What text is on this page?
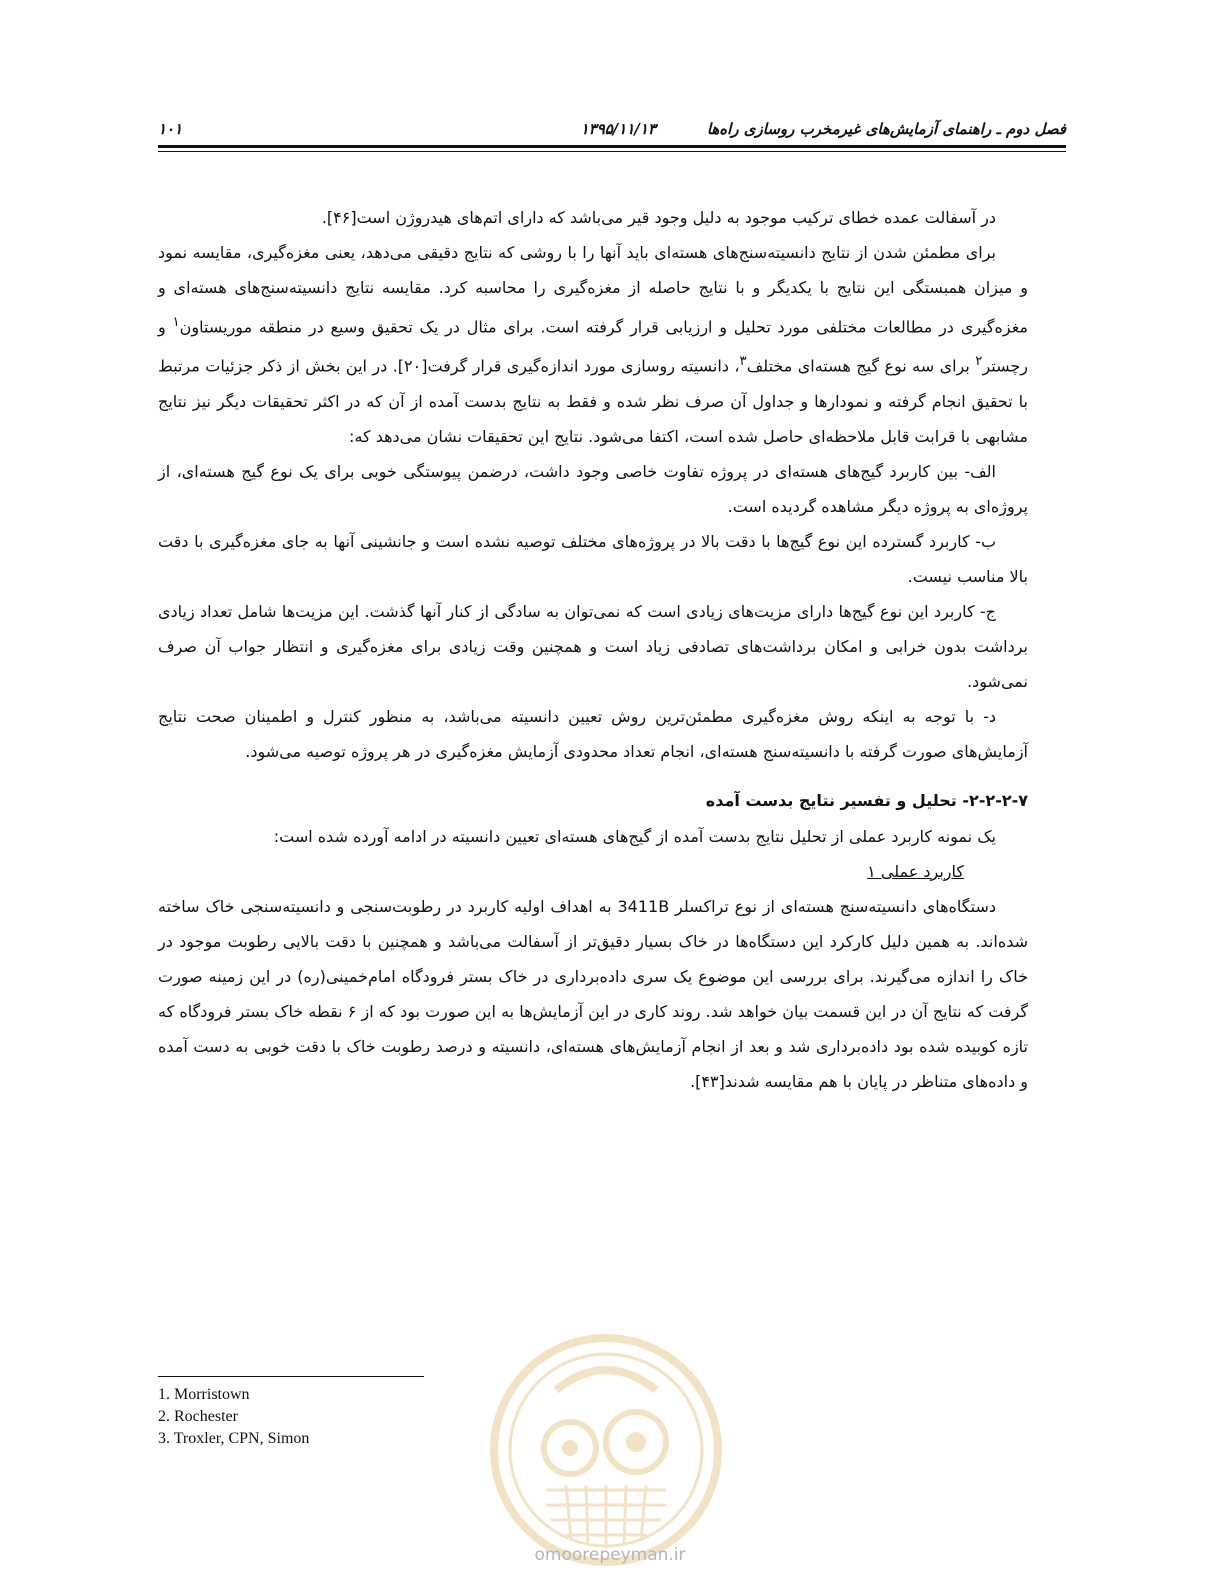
فصل دوم ـ راهنمای آزمایش‌های غیرمخرب روسازی راه‌ها
۱۳۹۵/۱۱/۱۳
۱۰۱

در آسفالت عمده خطای ترکیب موجود به دلیل وجود قیر می‌باشد که دارای اتم‌های هیدروژن است[۴۶].

برای مطمئن شدن از نتایج دانسیته‌سنج‌های هسته‌ای باید آنها را با روشی که نتایج دقیقی می‌دهد، یعنی مغزه‌گیری، مقایسه نمود و میزان همبستگی این نتایج با یکدیگر و با نتایج حاصله از مغزه‌گیری را محاسبه کرد. مقایسه نتایج دانسیته‌سنج‌های هسته‌ای و مغزه‌گیری در مطالعات مختلفی مورد تحلیل و ارزیابی قرار گرفته است. برای مثال در یک تحقیق وسیع در منطقه موریستاون$^۱$ و رچستر$^۲$ برای سه نوع گیج هسته‌ای مختلف$^۳$، دانسیته روسازی مورد اندازه‌گیری قرار گرفت[۲۰]. در این بخش از ذکر جزئیات مرتبط با تحقیق انجام گرفته و نمودارها و جداول آن صرف نظر شده و فقط به نتایج بدست آمده از آن که در اکثر تحقیقات دیگر نیز نتایج مشابهی با قرابت قابل ملاحظه‌ای حاصل شده است، اکتفا می‌شود. نتایج این تحقیقات نشان می‌دهد که:

الف- بین کاربرد گیج‌های هسته‌ای در پروژه تفاوت خاصی وجود داشت، درضمن پیوستگی خوبی برای یک نوع گیج هسته‌ای، از پروژه‌ای به پروژه دیگر مشاهده گردیده است.

ب- کاربرد گسترده این نوع گیج‌ها با دقت بالا در پروژه‌های مختلف توصیه نشده است و جانشینی آنها به جای مغزه‌گیری با دقت بالا مناسب نیست.

ج- کاربرد این نوع گیج‌ها دارای مزیت‌های زیادی است که نمی‌توان به سادگی از کنار آنها گذشت. این مزیت‌ها شامل تعداد زیادی برداشت بدون خرابی و امکان برداشت‌های تصادفی زیاد است و همچنین وقت زیادی برای مغزه‌گیری و انتظار جواب آن صرف نمی‌شود.

د- با توجه به اینکه روش مغزه‌گیری مطمئن‌ترین روش تعیین دانسیته می‌باشد، به منظور کنترل و اطمینان صحت نتایج آزمایش‌های صورت گرفته با دانسیته‌سنج هسته‌ای، انجام تعداد محدودی آزمایش مغزه‌گیری در هر پروژه توصیه می‌شود.

۲-۲-۲-۷- تحلیل و تفسیر نتایج بدست آمده

یک نمونه کاربرد عملی از تحلیل نتایج بدست آمده از گیج‌های هسته‌ای تعیین دانسیته در ادامه آورده شده است:

کاربرد عملی ۱

دستگاه‌های دانسیته‌سنج هسته‌ای از نوع تراکسلر 3411B به اهداف اولیه کاربرد در رطوبت‌سنجی و دانسیته‌سنجی خاک ساخته شده‌اند. به همین دلیل کارکرد این دستگاه‌ها در خاک بسیار دقیق‌تر از آسفالت می‌باشد و همچنین با دقت بالایی رطوبت موجود در خاک را اندازه می‌گیرند. برای بررسی این موضوع یک سری داده‌برداری در خاک بستر فرودگاه امام‌خمینی(ره) در این زمینه صورت گرفت که نتایج آن در این قسمت بیان خواهد شد. روند کاری در این آزمایش‌ها به این صورت بود که از ۶ نقطه خاک بستر فرودگاه که تازه کوبیده شده بود داده‌برداری شد و بعد از انجام آزمایش‌های هسته‌ای، دانسیته و درصد رطوبت خاک با دقت خوبی به دست آمده و داده‌های متناظر در پایان با هم مقایسه شدند[۴۳].

1. Morristown
2. Rochester
3. Troxler, CPN, Simon
omoorepeyman.ir
